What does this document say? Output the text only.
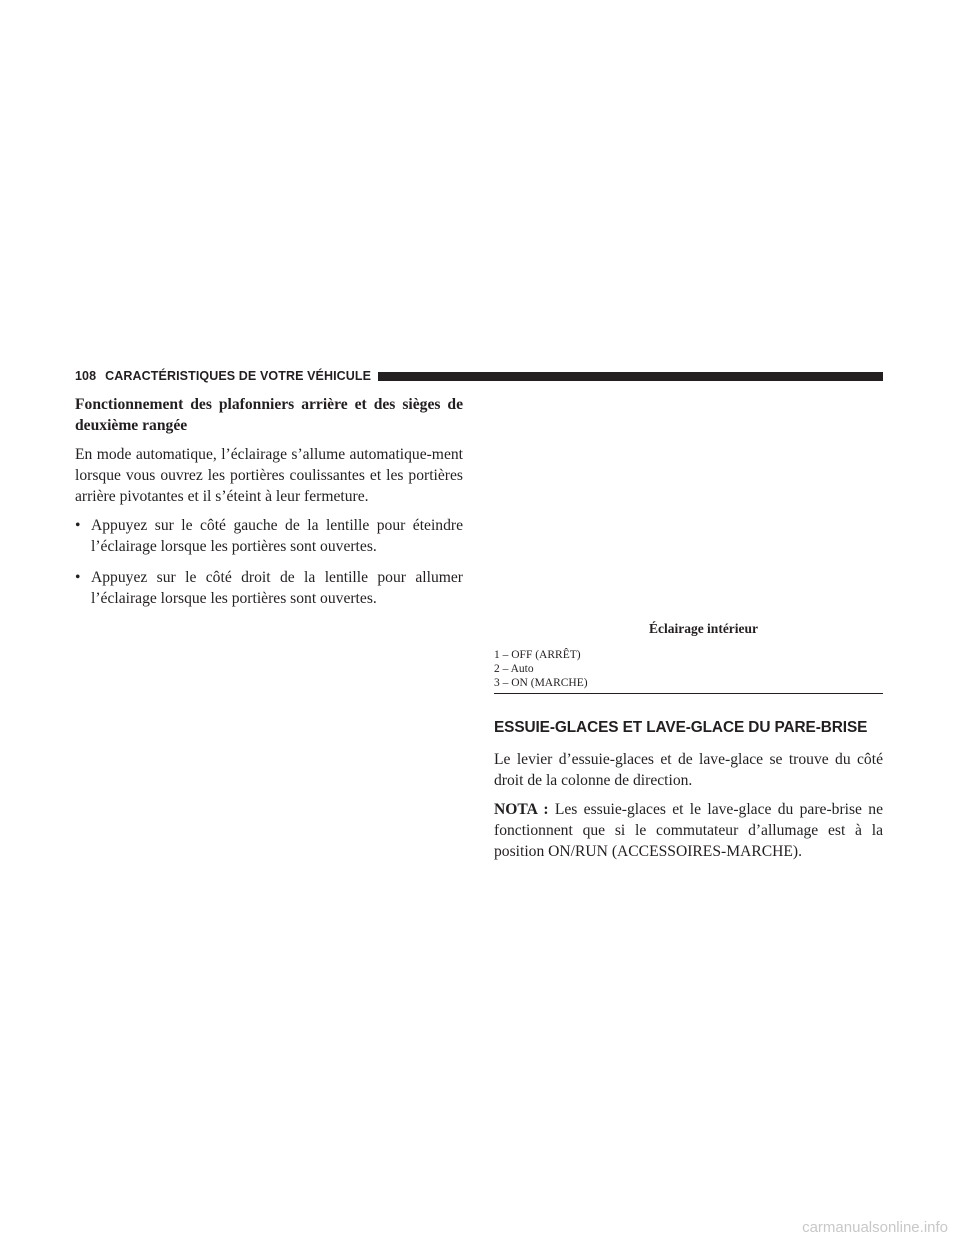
108 CARACTÉRISTIQUES DE VOTRE VÉHICULE
Fonctionnement des plafonniers arrière et des sièges de deuxième rangée

En mode automatique, l’éclairage s’allume automatique-ment lorsque vous ouvrez les portières coulissantes et les portières arrière pivotantes et il s’éteint à leur fermeture.

• Appuyez sur le côté gauche de la lentille pour éteindre l’éclairage lorsque les portières sont ouvertes.
• Appuyez sur le côté droit de la lentille pour allumer l’éclairage lorsque les portières sont ouvertes.
Éclairage intérieur
1 – OFF (ARRÊT)
2 – Auto
3 – ON (MARCHE)
ESSUIE-GLACES ET LAVE-GLACE DU PARE-BRISE

Le levier d’essuie-glaces et de lave-glace se trouve du côté droit de la colonne de direction.

NOTA : Les essuie-glaces et le lave-glace du pare-brise ne fonctionnent que si le commutateur d’allumage est à la position ON/RUN (ACCESSOIRES-MARCHE).

carmanualsonline.info
